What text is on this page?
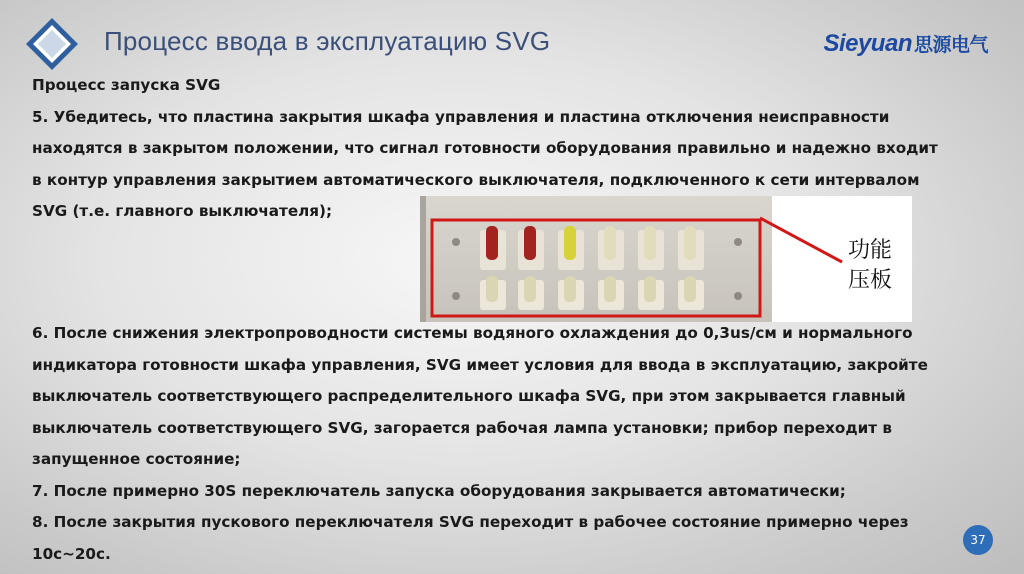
Процесс ввода в эксплуатацию SVG	Sieyuan 思源电气

Процесс запуска SVG

5. Убедитесь, что пластина закрытия шкафа управления и пластина отключения неисправности

находятся в закрытом положении, что сигнал готовности оборудования правильно и надежно входит

в контур управления закрытием автоматического выключателя, подключенного к сети интервалом

SVG (т.е. главного выключателя);

功能
压板

6. После снижения электропроводности системы водяного охлаждения до 0,3us/cм и нормального

индикатора готовности шкафа управления, SVG имеет условия для ввода в эксплуатацию, закройте

выключатель соответствующего распределительного шкафа SVG, при этом закрывается главный

выключатель соответствующего SVG, загорается рабочая лампа установки; прибор переходит в

запущенное состояние;

7. После примерно 30S переключатель запуска оборудования закрывается автоматически;

8. После закрытия пускового переключателя SVG переходит в рабочее состояние примерно через

10с~20с.

37
